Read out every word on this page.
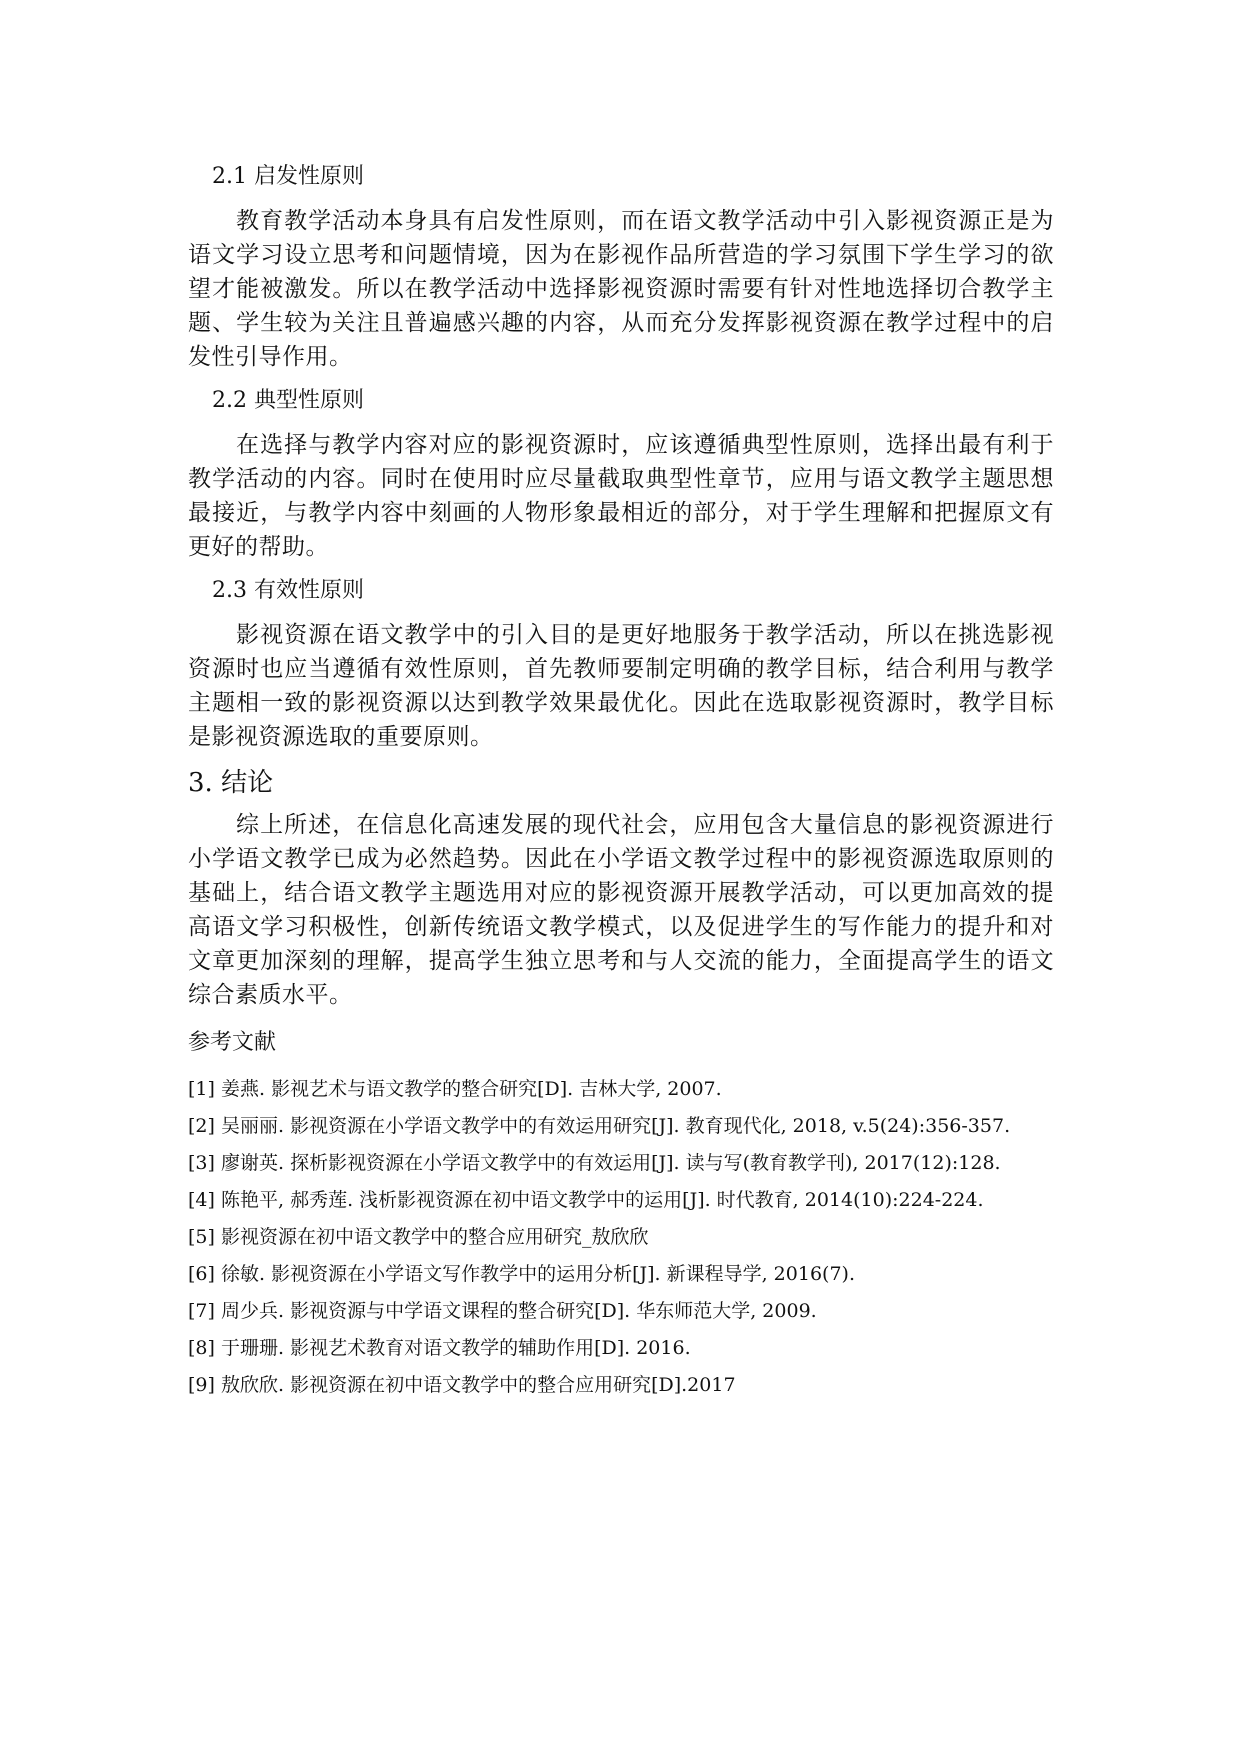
2.1 启发性原则

教育教学活动本身具有启发性原则，而在语文教学活动中引入影视资源正是为语文学习设立思考和问题情境，因为在影视作品所营造的学习氛围下学生学习的欲望才能被激发。所以在教学活动中选择影视资源时需要有针对性地选择切合教学主题、学生较为关注且普遍感兴趣的内容，从而充分发挥影视资源在教学过程中的启发性引导作用。

2.2 典型性原则

在选择与教学内容对应的影视资源时，应该遵循典型性原则，选择出最有利于教学活动的内容。同时在使用时应尽量截取典型性章节，应用与语文教学主题思想最接近，与教学内容中刻画的人物形象最相近的部分，对于学生理解和把握原文有更好的帮助。

2.3 有效性原则

影视资源在语文教学中的引入目的是更好地服务于教学活动，所以在挑选影视资源时也应当遵循有效性原则，首先教师要制定明确的教学目标，结合利用与教学主题相一致的影视资源以达到教学效果最优化。因此在选取影视资源时，教学目标是影视资源选取的重要原则。

3. 结论

综上所述，在信息化高速发展的现代社会，应用包含大量信息的影视资源进行小学语文教学已成为必然趋势。因此在小学语文教学过程中的影视资源选取原则的基础上，结合语文教学主题选用对应的影视资源开展教学活动，可以更加高效的提高语文学习积极性，创新传统语文教学模式，以及促进学生的写作能力的提升和对文章更加深刻的理解，提高学生独立思考和与人交流的能力，全面提高学生的语文综合素质水平。

参考文献
[1] 姜燕. 影视艺术与语文教学的整合研究[D]. 吉林大学, 2007.
[2] 吴丽丽. 影视资源在小学语文教学中的有效运用研究[J]. 教育现代化, 2018, v.5(24):356-357.
[3] 廖谢英. 探析影视资源在小学语文教学中的有效运用[J]. 读与写(教育教学刊), 2017(12):128.
[4] 陈艳平, 郝秀莲. 浅析影视资源在初中语文教学中的运用[J]. 时代教育, 2014(10):224-224.
[5] 影视资源在初中语文教学中的整合应用研究_敖欣欣
[6] 徐敏. 影视资源在小学语文写作教学中的运用分析[J]. 新课程导学, 2016(7).
[7] 周少兵. 影视资源与中学语文课程的整合研究[D]. 华东师范大学, 2009.
[8] 于珊珊. 影视艺术教育对语文教学的辅助作用[D]. 2016.
[9] 敖欣欣. 影视资源在初中语文教学中的整合应用研究[D].2017
